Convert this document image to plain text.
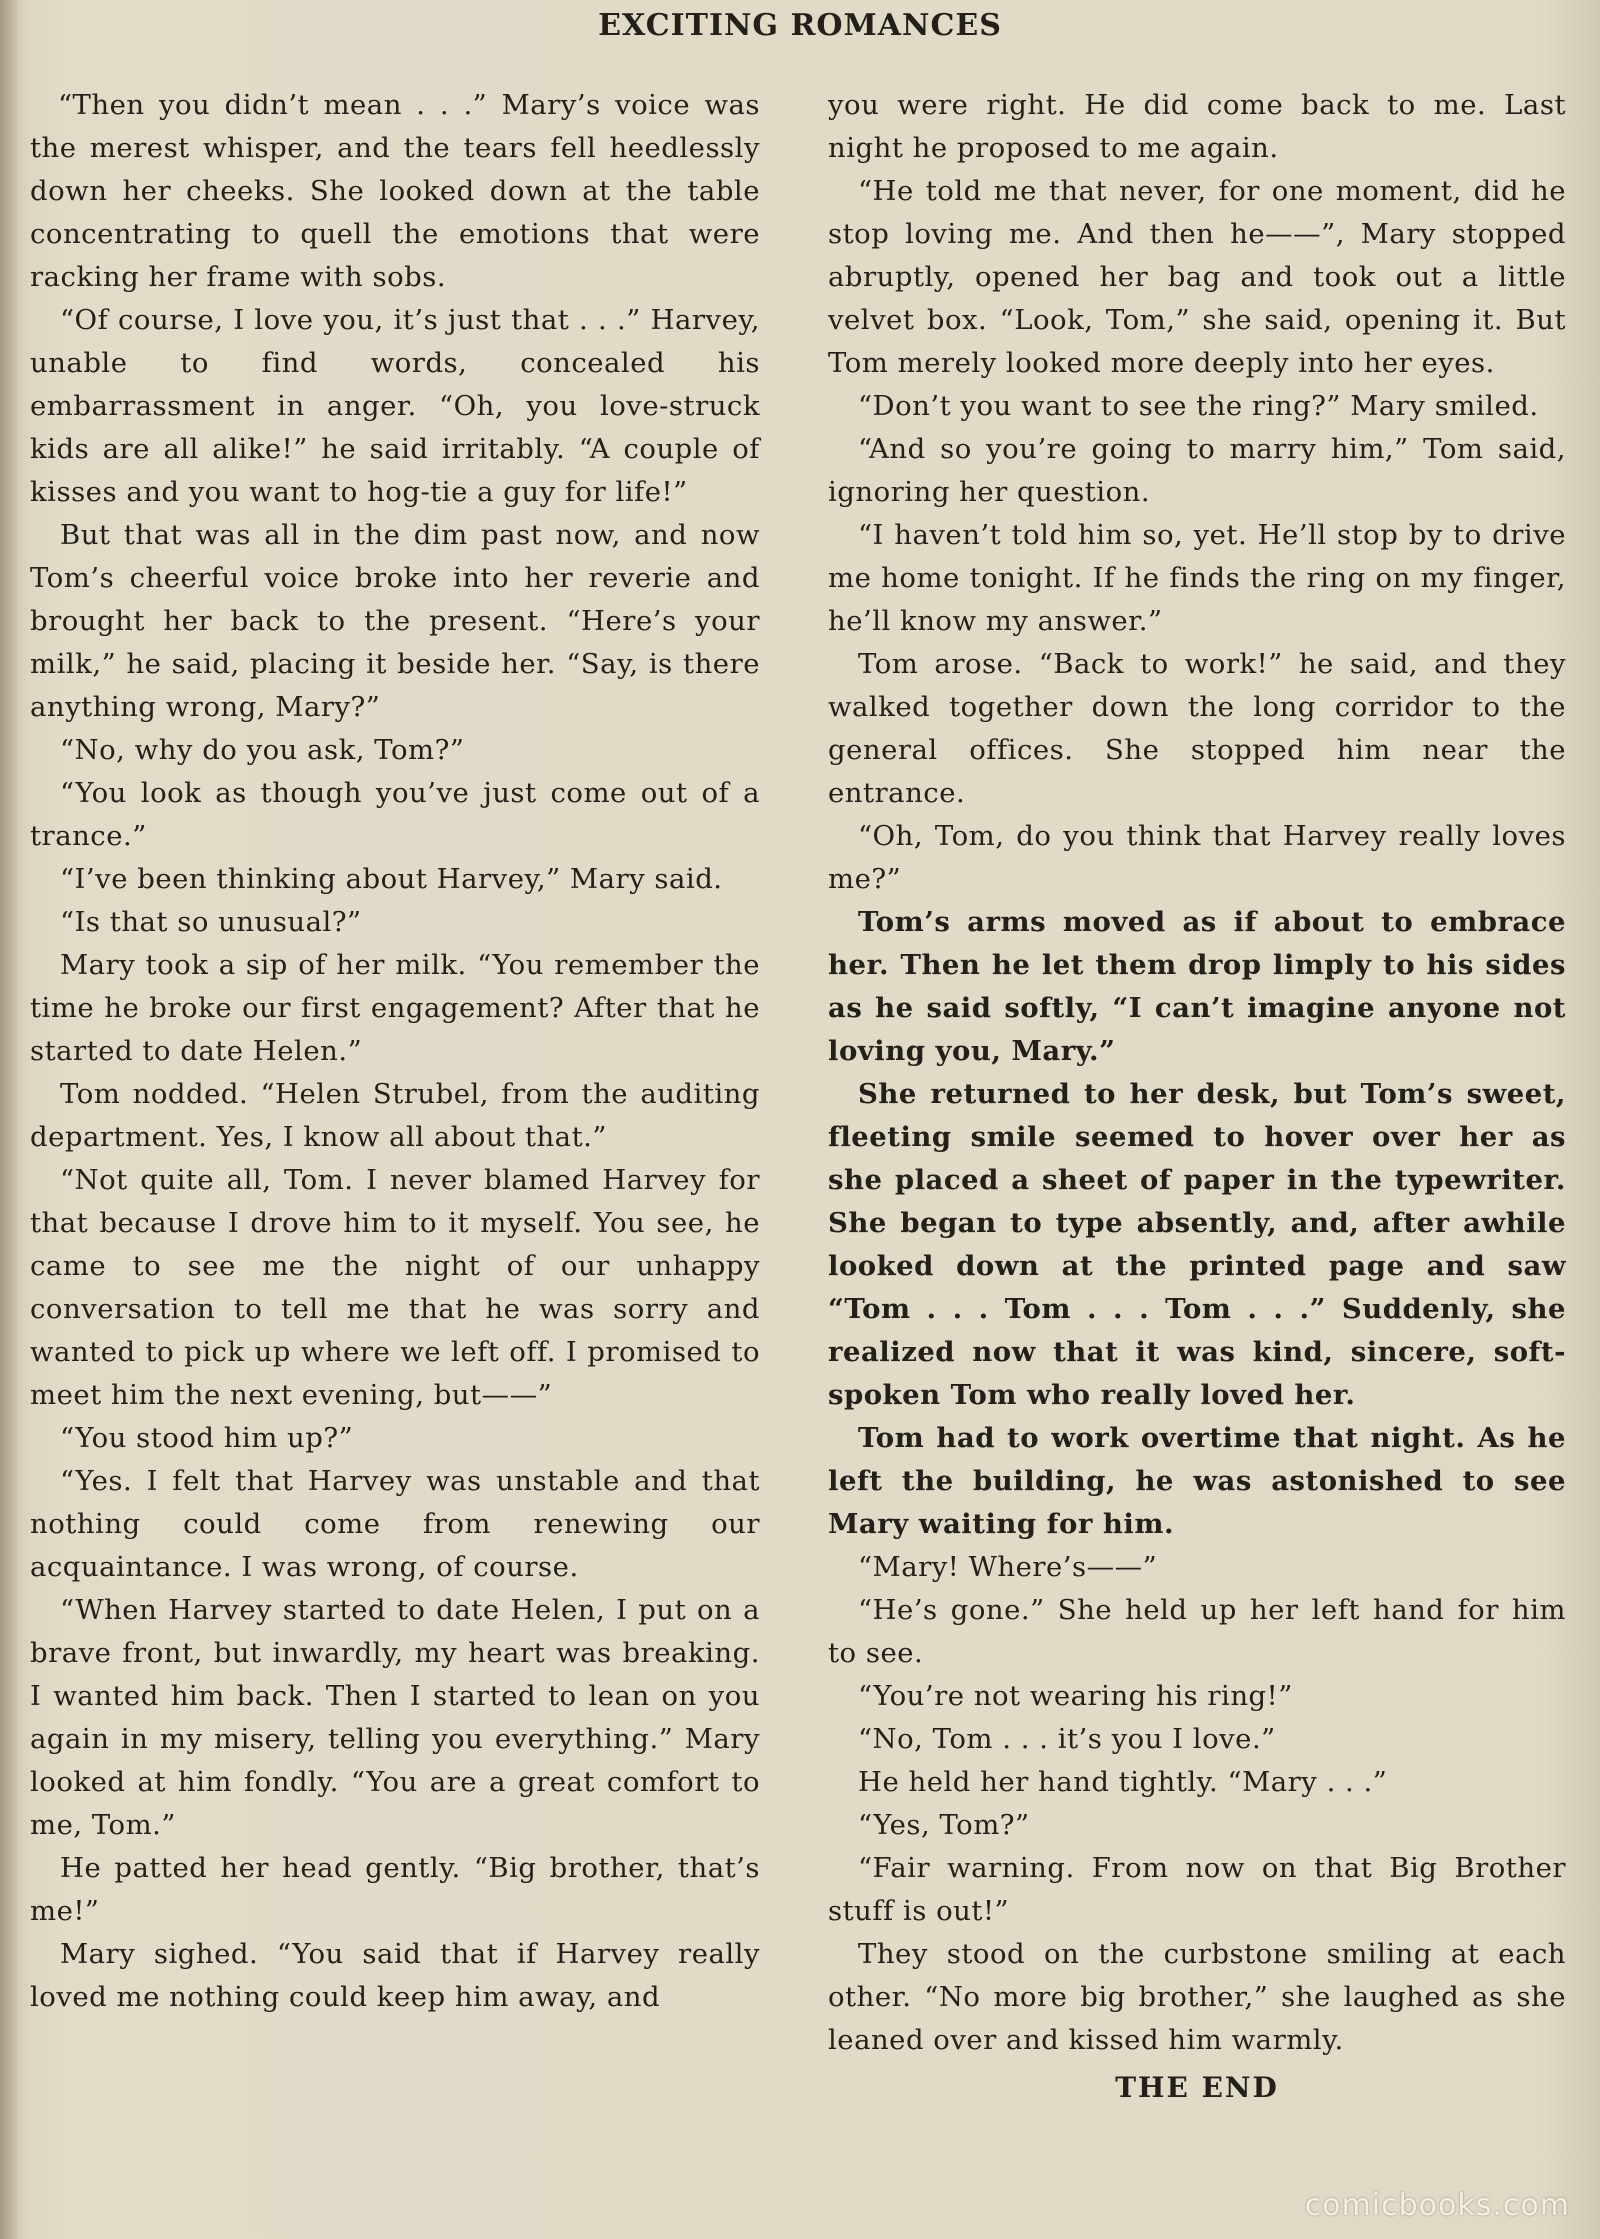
EXCITING ROMANCES

“Then you didn’t mean . . .” Mary’s voice was the merest whisper, and the tears fell heedlessly down her cheeks. She looked down at the table concentrating to quell the emotions that were racking her frame with sobs.

“Of course, I love you, it’s just that . . .” Harvey, unable to find words, concealed his embarrassment in anger. “Oh, you love-struck kids are all alike!” he said irritably. “A couple of kisses and you want to hog-tie a guy for life!”

But that was all in the dim past now, and now Tom’s cheerful voice broke into her reverie and brought her back to the present. “Here’s your milk,” he said, placing it beside her. “Say, is there anything wrong, Mary?”

“No, why do you ask, Tom?”

“You look as though you’ve just come out of a trance.”

“I’ve been thinking about Harvey,” Mary said.

“Is that so unusual?”

Mary took a sip of her milk. “You remember the time he broke our first engagement? After that he started to date Helen.”

Tom nodded. “Helen Strubel, from the auditing department. Yes, I know all about that.”

“Not quite all, Tom. I never blamed Harvey for that because I drove him to it myself. You see, he came to see me the night of our unhappy conversation to tell me that he was sorry and wanted to pick up where we left off. I promised to meet him the next evening, but——”

“You stood him up?”

“Yes. I felt that Harvey was unstable and that nothing could come from renewing our acquaintance. I was wrong, of course.

“When Harvey started to date Helen, I put on a brave front, but inwardly, my heart was breaking. I wanted him back. Then I started to lean on you again in my misery, telling you everything.” Mary looked at him fondly. “You are a great comfort to me, Tom.”

He patted her head gently. “Big brother, that’s me!”

Mary sighed. “You said that if Harvey really loved me nothing could keep him away, and

you were right. He did come back to me. Last night he proposed to me again.

“He told me that never, for one moment, did he stop loving me. And then he——”, Mary stopped abruptly, opened her bag and took out a little velvet box. “Look, Tom,” she said, opening it. But Tom merely looked more deeply into her eyes.

“Don’t you want to see the ring?” Mary smiled.

“And so you’re going to marry him,” Tom said, ignoring her question.

“I haven’t told him so, yet. He’ll stop by to drive me home tonight. If he finds the ring on my finger, he’ll know my answer.”

Tom arose. “Back to work!” he said, and they walked together down the long corridor to the general offices. She stopped him near the entrance.

“Oh, Tom, do you think that Harvey really loves me?”

Tom’s arms moved as if about to embrace her. Then he let them drop limply to his sides as he said softly, “I can’t imagine anyone not loving you, Mary.”

She returned to her desk, but Tom’s sweet, fleeting smile seemed to hover over her as she placed a sheet of paper in the typewriter. She began to type absently, and, after awhile looked down at the printed page and saw “Tom . . . Tom . . . Tom . . .” Suddenly, she realized now that it was kind, sincere, soft-spoken Tom who really loved her.

Tom had to work overtime that night. As he left the building, he was astonished to see Mary waiting for him.

“Mary! Where’s——”

“He’s gone.” She held up her left hand for him to see.

“You’re not wearing his ring!”

“No, Tom . . . it’s you I love.”

He held her hand tightly. “Mary . . .”

“Yes, Tom?”

“Fair warning. From now on that Big Brother stuff is out!”

They stood on the curbstone smiling at each other. “No more big brother,” she laughed as she leaned over and kissed him warmly.

THE END

comicbooks.com
